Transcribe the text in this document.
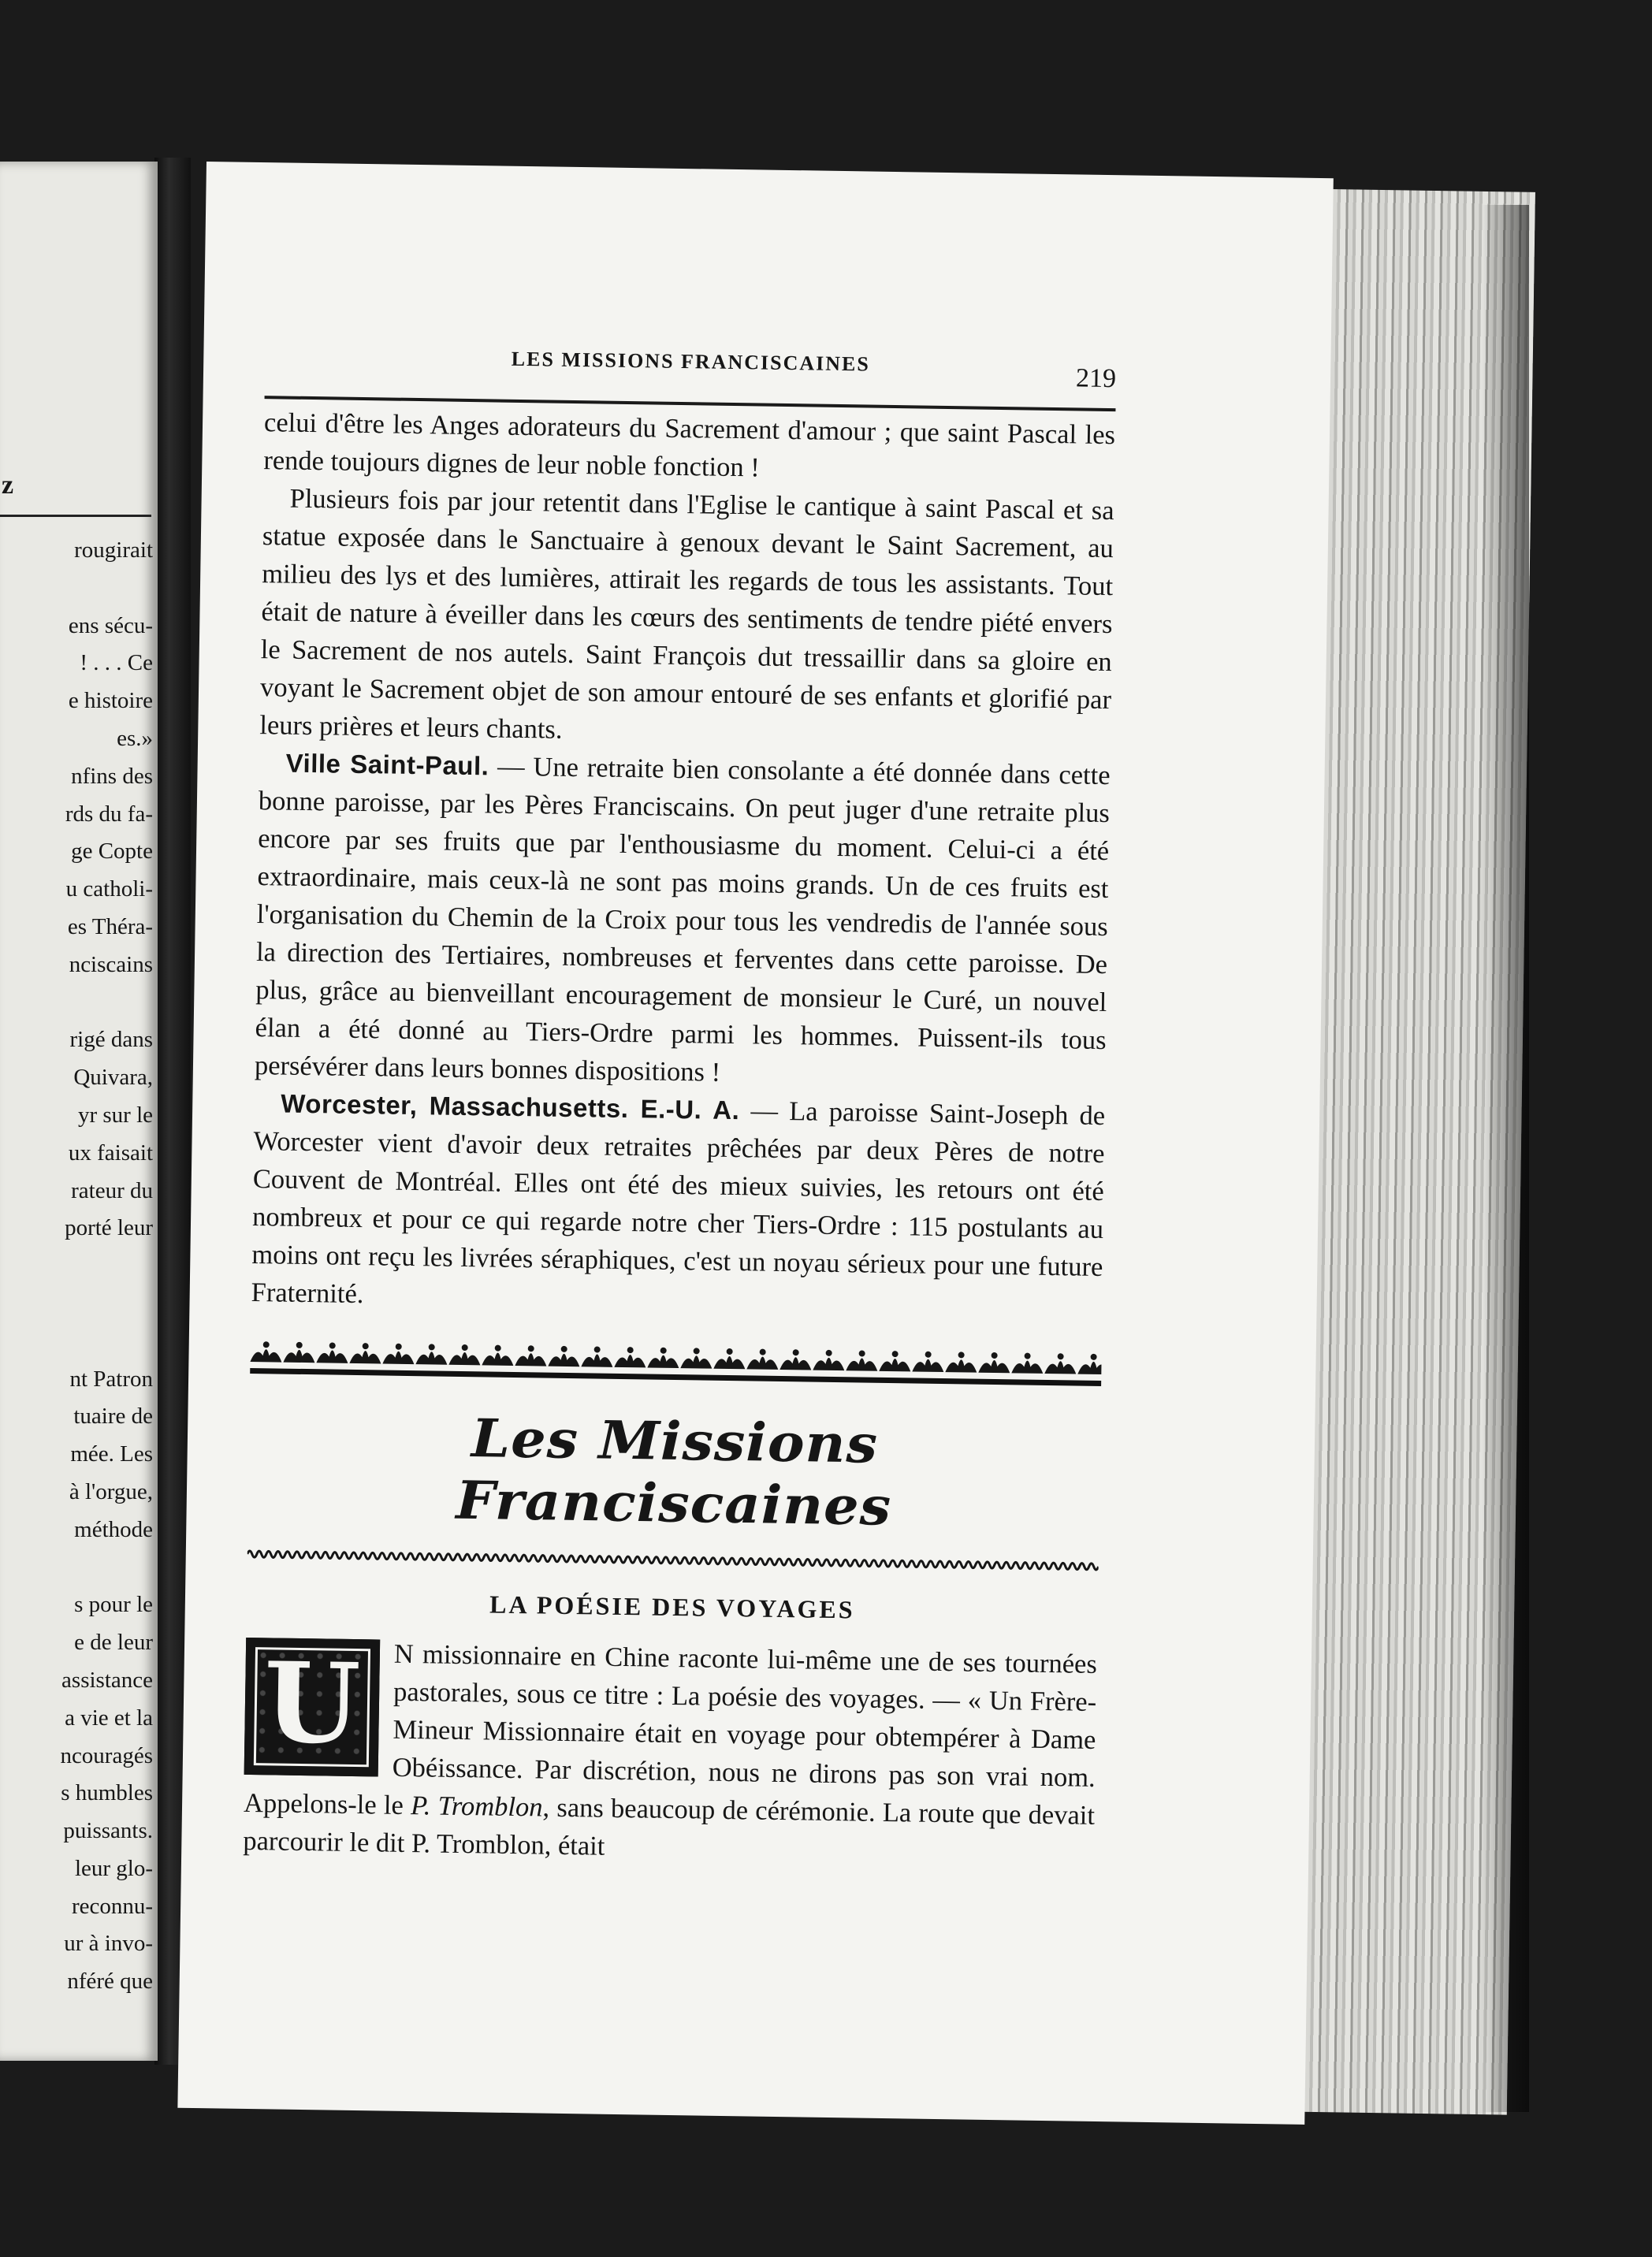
z
rougirait
ens sécu-
! . . . Ce
e histoire
es.»
nfins des
rds du fa-
ge Copte
u catholi-
es Théra-
nciscains
rigé dans
Quivara,
yr sur le
ux faisait
rateur du
porté leur
nt Patron
tuaire de
mée. Les
à l'orgue,
méthode
s pour le
e de leur
assistance
a vie et la
ncouragés
s humbles
puissants.
leur glo-
reconnu-
ur à invo-
nféré que
LES MISSIONS FRANCISCAINES
219

celui d'être les Anges adorateurs du Sacrement d'amour ; que saint Pascal les rende toujours dignes de leur noble fonction !

Plusieurs fois par jour retentit dans l'Eglise le cantique à saint Pascal et sa statue exposée dans le Sanctuaire à genoux devant le Saint Sacrement, au milieu des lys et des lumières, attirait les regards de tous les assistants. Tout était de nature à éveiller dans les cœurs des sentiments de tendre piété envers le Sacrement de nos autels. Saint François dut tressaillir dans sa gloire en voyant le Sacrement objet de son amour entouré de ses enfants et glorifié par leurs prières et leurs chants.

Ville Saint-Paul. — Une retraite bien consolante a été donnée dans cette bonne paroisse, par les Pères Franciscains. On peut juger d'une retraite plus encore par ses fruits que par l'enthousiasme du moment. Celui-ci a été extraordinaire, mais ceux-là ne sont pas moins grands. Un de ces fruits est l'organisation du Chemin de la Croix pour tous les vendredis de l'année sous la direction des Tertiaires, nombreuses et ferventes dans cette paroisse. De plus, grâce au bienveillant encouragement de monsieur le Curé, un nouvel élan a été donné au Tiers-Ordre parmi les hommes. Puissent-ils tous persévérer dans leurs bonnes dispositions !

Worcester, Massachusetts. E.-U. A. — La paroisse Saint-Joseph de Worcester vient d'avoir deux retraites prêchées par deux Pères de notre Couvent de Montréal. Elles ont été des mieux suivies, les retours ont été nombreux et pour ce qui regarde notre cher Tiers-Ordre : 115 postulants au moins ont reçu les livrées séraphiques, c'est un noyau sérieux pour une future Fraternité.

Les Missions Franciscaines
LA POÉSIE DES VOYAGES
U	N missionnaire en Chine raconte lui-même une de ses tournées pastorales, sous ce titre : La poésie des voyages. — « Un Frère-Mineur Missionnaire était en voyage pour obtempérer à Dame Obéissance. Par discrétion, nous ne dirons pas son vrai nom. Appelons-le le P. Tromblon, sans beaucoup de cérémonie. La route que devait parcourir le dit P. Tromblon, était
